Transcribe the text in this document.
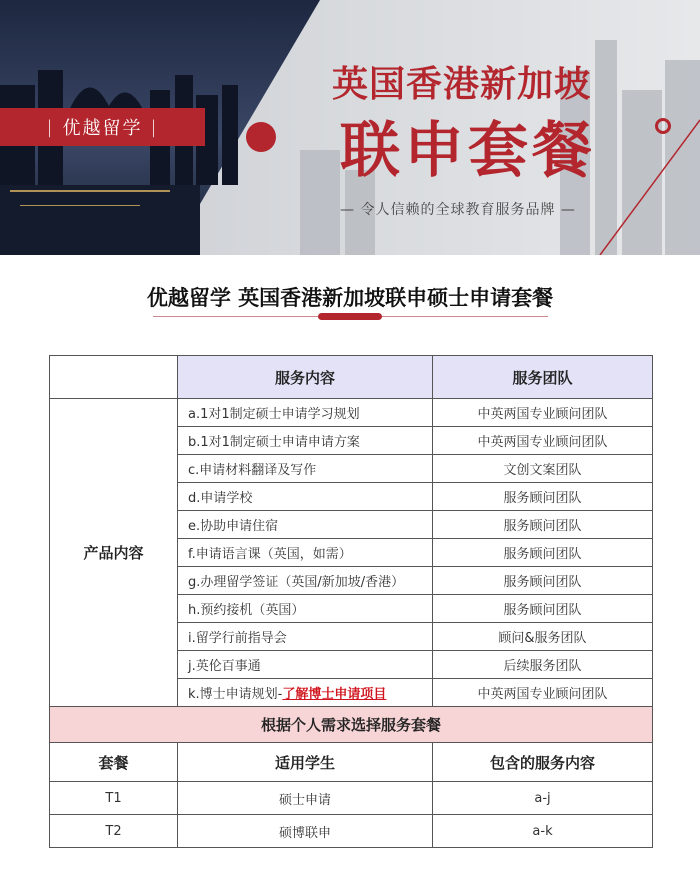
| 优越留学 |
英国香港新加坡
联申套餐
— 令人信赖的全球教育服务品牌 —
优越留学 英国香港新加坡联申硕士申请套餐
	服务内容	服务团队
产品内容	a.1对1制定硕士申请学习规划	中英两国专业顾问团队
	b.1对1制定硕士申请申请方案	中英两国专业顾问团队
	c.申请材料翻译及写作	文创文案团队
	d.申请学校	服务顾问团队
	e.协助申请住宿	服务顾问团队
	f.申请语言课（英国，如需）	服务顾问团队
	g.办理留学签证（英国/新加坡/香港）	服务顾问团队
	h.预约接机（英国）	服务顾问团队
	i.留学行前指导会	顾问&服务团队
	j.英伦百事通	后续服务团队
	k.博士申请规划-了解博士申请项目	中英两国专业顾问团队
根据个人需求选择服务套餐		
套餐	适用学生	包含的服务内容
T1	硕士申请	a-j
T2	硕博联申	a-k
